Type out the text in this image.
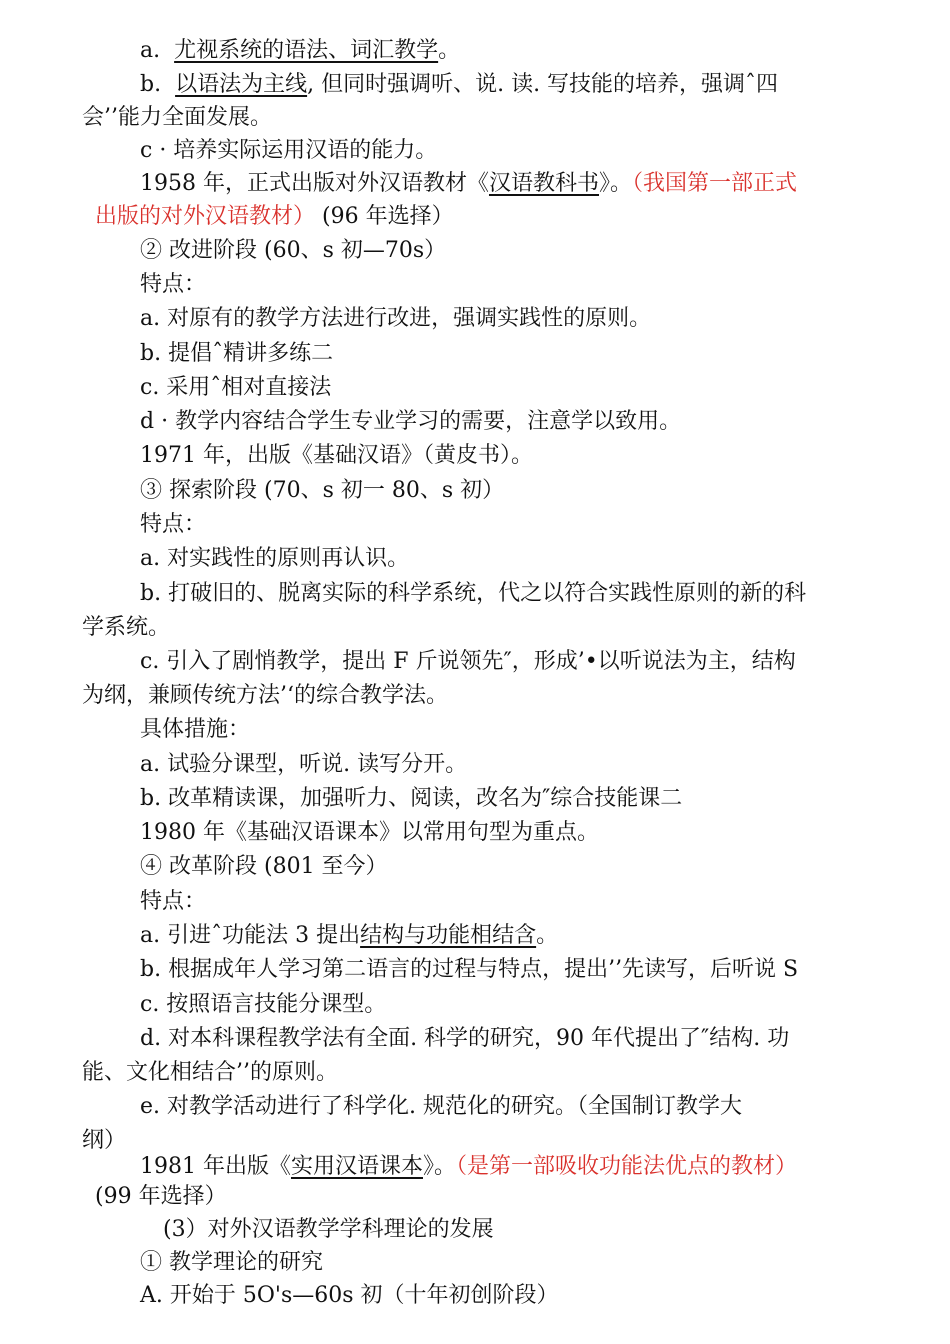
a. 尤视系统的语法、词汇教学。
b. 以语法为主线, 但同时强调听、说. 读. 写技能的培养，强调ˆ四
会’’能力全面发展。
c · 培养实际运用汉语的能力。
1958 年，正式出版对外汉语教材《汉语教科书》。（我国第一部正式
出版的对外汉语教材） (96 年选择）
② 改进阶段 (60、s 初—70s）
特点：
a. 对原有的教学方法进行改进，强调实践性的原则。
b. 提倡ˆ精讲多练二
c. 采用ˆ相对直接法
d · 教学内容结合学生专业学习的需要，注意学以致用。
1971 年，出版《基础汉语》（黄皮书）。
③ 探索阶段 (70、s 初一 80、s 初）
特点：
a. 对实践性的原则再认识。
b. 打破旧的、脱离实际的科学系统，代之以符合实践性原则的新的科
学系统。
c. 引入了剧悄教学，提出 F 斤说领先″，形成’•以听说法为主，结构
为纲，兼顾传统方法’‘的综合教学法。
具体措施：
a. 试验分课型，听说. 读写分开。
b. 改革精读课，加强听力、阅读，改名为″综合技能课二
1980 年《基础汉语课本》以常用句型为重点。
④ 改革阶段 (801 至今）
特点：
a. 引进ˆ功能法 3 提出结构与功能相结含。
b. 根据成年人学习第二语言的过程与特点，提出’’先读写，后听说 S
c. 按照语言技能分课型。
d. 对本科课程教学法有全面. 科学的研究，90 年代提出了″结构. 功
能、文化相结合’’的原则。
e. 对教学活动进行了科学化. 规范化的研究。（全国制订教学大
纲）
1981 年出版《实用汉语课本》。（是第一部吸收功能法优点的教材）
(99 年选择）
(3）对外汉语教学学科理论的发展
① 教学理论的研究
A. 开始于 5O's—60s 初（十年初创阶段）
